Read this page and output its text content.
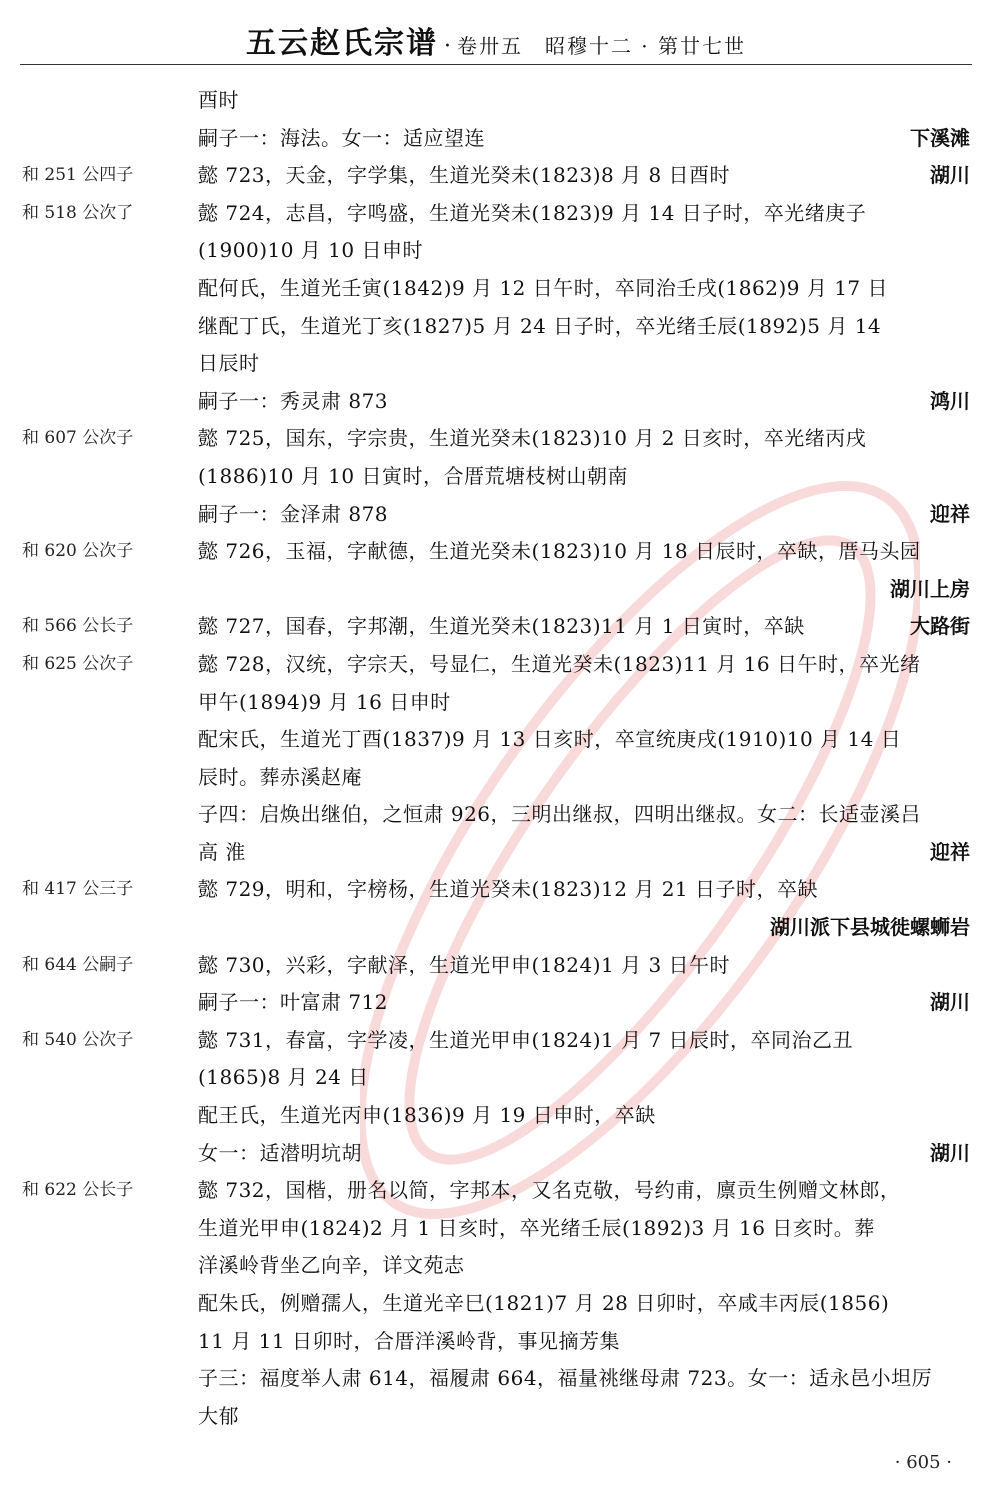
五云赵氏宗谱 · 卷卅五　昭穆十二 · 第廿七世
酉时
嗣子一：海法。女一：适应望连	下溪滩
和 251 公四子	懿 723，天金，字学集，生道光癸未(1823)8 月 8 日酉时	湖川
和 518 公次了	懿 724，志昌，字鸣盛，生道光癸未(1823)9 月 14 日子时，卒光绪庚子
(1900)10 月 10 日申时
配何氏，生道光壬寅(1842)9 月 12 日午时，卒同治壬戌(1862)9 月 17 日
继配丁氏，生道光丁亥(1827)5 月 24 日子时，卒光绪壬辰(1892)5 月 14
日辰时
嗣子一：秀灵肃 873	鸿川
和 607 公次子	懿 725，国东，字宗贵，生道光癸未(1823)10 月 2 日亥时，卒光绪丙戌
(1886)10 月 10 日寅时，合厝荒塘枝树山朝南
嗣子一：金泽肃 878	迎祥
和 620 公次子	懿 726，玉福，字献德，生道光癸未(1823)10 月 18 日辰时，卒缺，厝马头园
湖川上房
和 566 公长子	懿 727，国春，字邦潮，生道光癸未(1823)11 月 1 日寅时，卒缺	大路街
和 625 公次子	懿 728，汉统，字宗天，号显仁，生道光癸未(1823)11 月 16 日午时，卒光绪
甲午(1894)9 月 16 日申时
配宋氏，生道光丁酉(1837)9 月 13 日亥时，卒宣统庚戌(1910)10 月 14 日
辰时。葬赤溪赵庵
子四：启焕出继伯，之恒肃 926，三明出继叔，四明出继叔。女二：长适壶溪吕
高 淮	迎祥
和 417 公三子	懿 729，明和，字榜杨，生道光癸未(1823)12 月 21 日子时，卒缺
湖川派下县城徙螺蛳岩
和 644 公嗣子	懿 730，兴彩，字献泽，生道光甲申(1824)1 月 3 日午时
嗣子一：叶富肃 712	湖川
和 540 公次子	懿 731，春富，字学凌，生道光甲申(1824)1 月 7 日辰时，卒同治乙丑
(1865)8 月 24 日
配王氏，生道光丙申(1836)9 月 19 日申时，卒缺
女一：适潜明坑胡	湖川
和 622 公长子	懿 732，国楷，册名以简，字邦本，又名克敬，号约甫，廪贡生例赠文林郎，
生道光甲申(1824)2 月 1 日亥时，卒光绪壬辰(1892)3 月 16 日亥时。葬
洋溪岭背坐乙向辛，详文苑志
配朱氏，例赠孺人，生道光辛巳(1821)7 月 28 日卯时，卒咸丰丙辰(1856)
11 月 11 日卯时，合厝洋溪岭背，事见摘芳集
子三：福度举人肃 614，福履肃 664，福量祧继母肃 723。女一：适永邑小坦厉
大郁
· 605 ·
